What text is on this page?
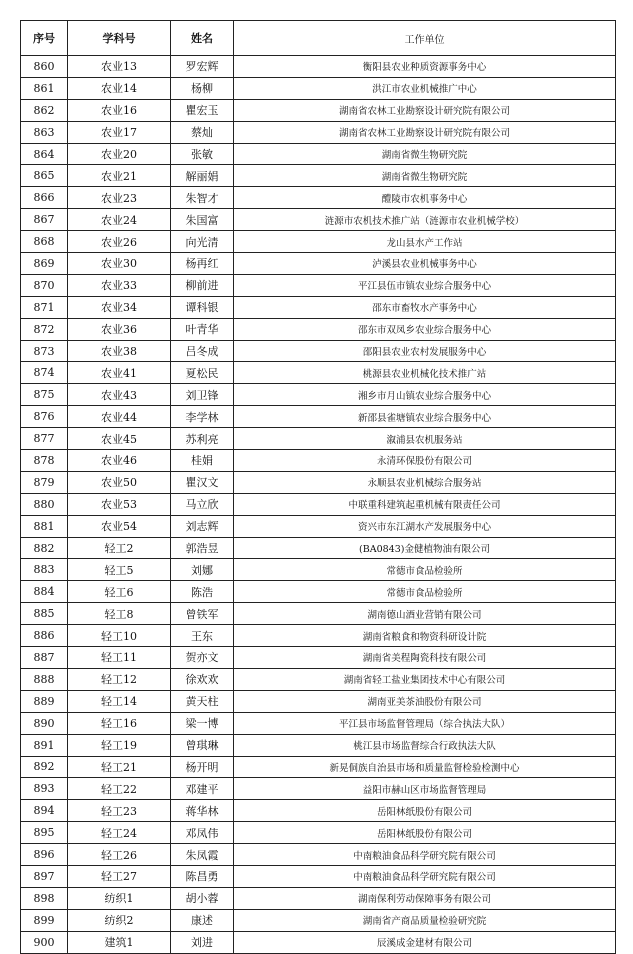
序号	学科号	姓名	工作单位
860	农业13	罗宏辉	衡阳县农业种质资源事务中心
861	农业14	杨柳	洪江市农业机械推广中心
862	农业16	瞿宏玉	湖南省农林工业勘察设计研究院有限公司
863	农业17	蔡灿	湖南省农林工业勘察设计研究院有限公司
864	农业20	张敏	湖南省微生物研究院
865	农业21	解丽娟	湖南省微生物研究院
866	农业23	朱智才	醴陵市农机事务中心
867	农业24	朱国富	涟源市农机技术推广站（涟源市农业机械学校）
868	农业26	向光清	龙山县水产工作站
869	农业30	杨再红	泸溪县农业机械事务中心
870	农业33	柳前进	平江县伍市镇农业综合服务中心
871	农业34	谭科银	邵东市畜牧水产事务中心
872	农业36	叶青华	邵东市双凤乡农业综合服务中心
873	农业38	吕冬成	邵阳县农业农村发展服务中心
874	农业41	夏松民	桃源县农业机械化技术推广站
875	农业43	刘卫锋	湘乡市月山镇农业综合服务中心
876	农业44	李学林	新邵县雀塘镇农业综合服务中心
877	农业45	苏利亮	溆浦县农机服务站
878	农业46	桂娟	永清环保股份有限公司
879	农业50	瞿汉文	永顺县农业机械综合服务站
880	农业53	马立欣	中联重科建筑起重机械有限责任公司
881	农业54	刘志辉	资兴市东江湖水产发展服务中心
882	轻工2	郭浩昱	(BA0843)金健植物油有限公司
883	轻工5	刘娜	常德市食品检验所
884	轻工6	陈浩	常德市食品检验所
885	轻工8	曾铁军	湖南德山酒业营销有限公司
886	轻工10	王东	湖南省粮食和物资科研设计院
887	轻工11	贺亦文	湖南省美程陶瓷科技有限公司
888	轻工12	徐欢欢	湖南省轻工盐业集团技术中心有限公司
889	轻工14	黄天柱	湖南亚美茶油股份有限公司
890	轻工16	梁一博	平江县市场监督管理局（综合执法大队）
891	轻工19	曾琪琳	桃江县市场监督综合行政执法大队
892	轻工21	杨开明	新晃侗族自治县市场和质量监督检验检测中心
893	轻工22	邓建平	益阳市赫山区市场监督管理局
894	轻工23	蒋华林	岳阳林纸股份有限公司
895	轻工24	邓凤伟	岳阳林纸股份有限公司
896	轻工26	朱凤霞	中南粮油食品科学研究院有限公司
897	轻工27	陈昌勇	中南粮油食品科学研究院有限公司
898	纺织1	胡小蓉	湖南保利劳动保障事务有限公司
899	纺织2	康述	湖南省产商品质量检验研究院
900	建筑1	刘进	辰溪成金建材有限公司
